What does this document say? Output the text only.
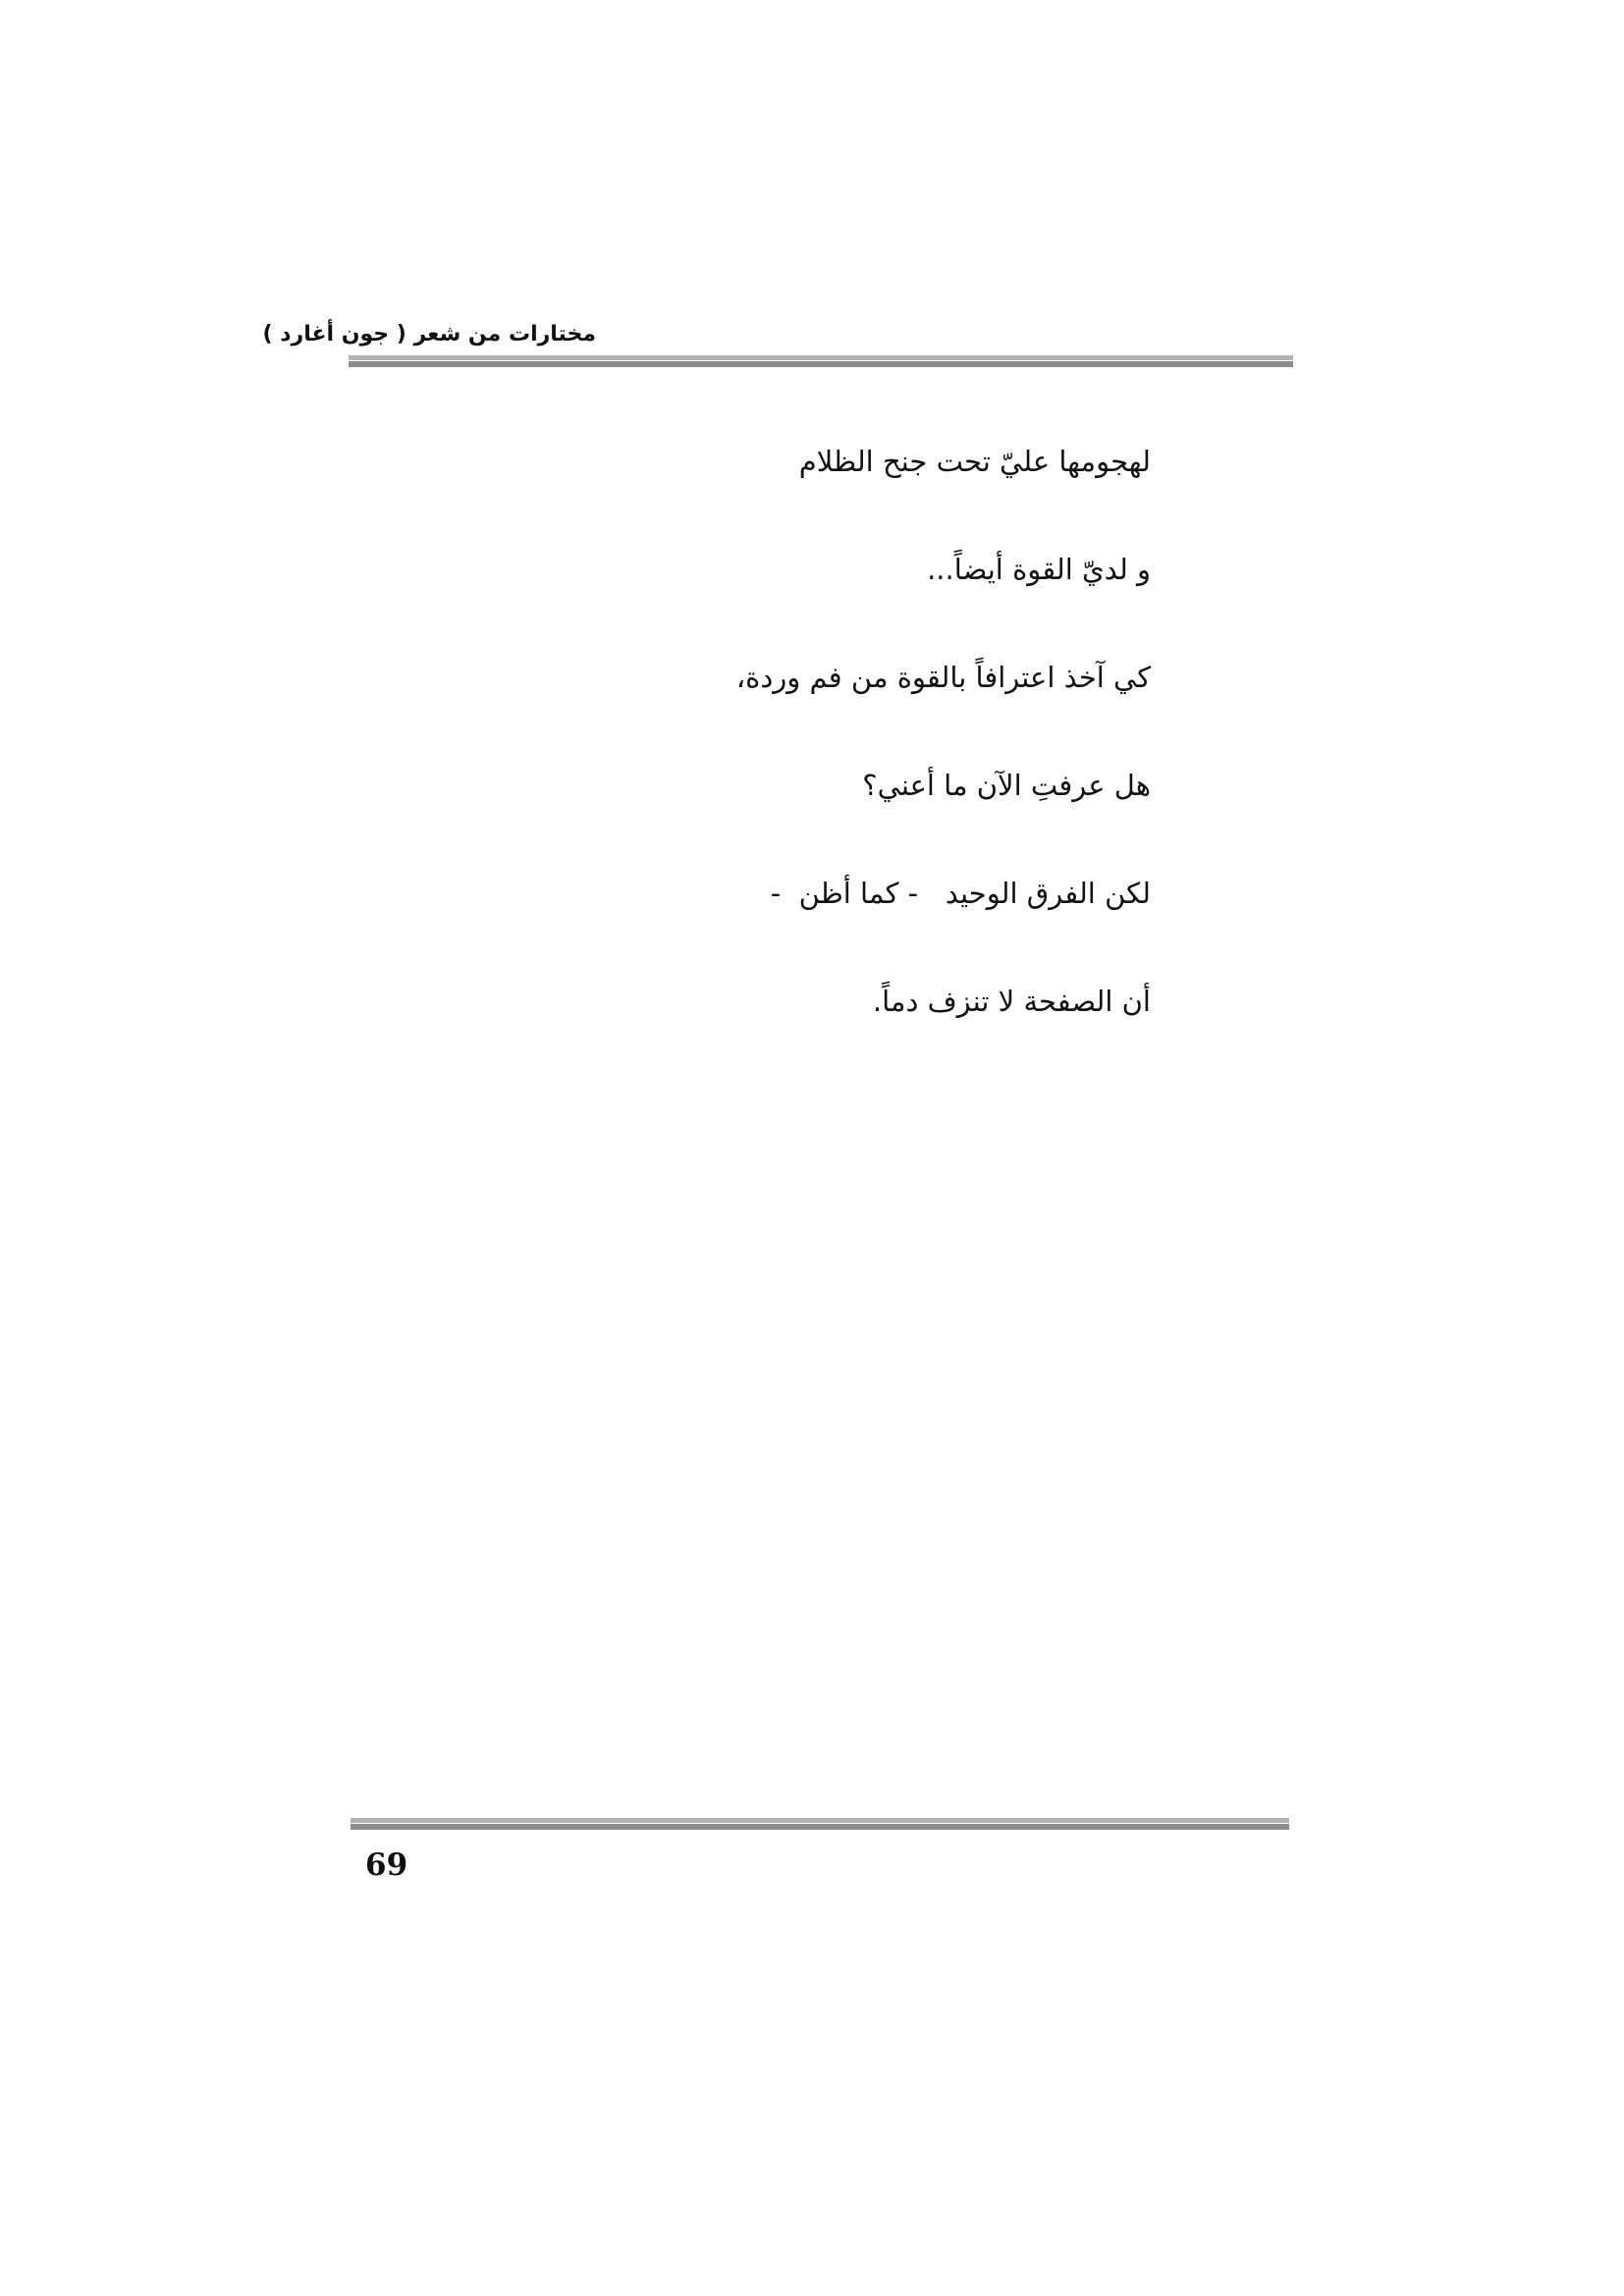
مختارات من شعر ( جون أغارد )
لهجومها عليّ تحت جنح الظلام
و لديّ القوة أيضاً...
كي آخذ اعترافاً بالقوة من فم وردة،
هل عرفتِ الآن ما أعني؟
لكن الفرق الوحيد   - كما أظن  -
أن الصفحة لا تنزف دماً.
69
